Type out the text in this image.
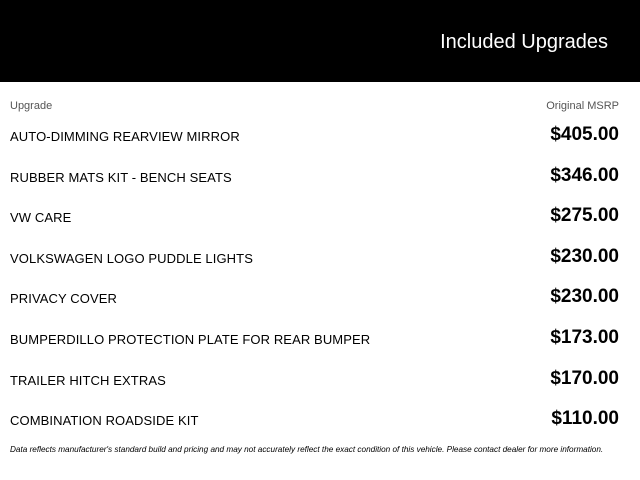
Included Upgrades
Upgrade	Original MSRP
AUTO-DIMMING REARVIEW MIRROR	$405.00
RUBBER MATS KIT - BENCH SEATS	$346.00
VW CARE	$275.00
VOLKSWAGEN LOGO PUDDLE LIGHTS	$230.00
PRIVACY COVER	$230.00
BUMPERDILLO PROTECTION PLATE FOR REAR BUMPER	$173.00
TRAILER HITCH EXTRAS	$170.00
COMBINATION ROADSIDE KIT	$110.00
Data reflects manufacturer's standard build and pricing and may not accurately reflect the exact condition of this vehicle. Please contact dealer for more information.
